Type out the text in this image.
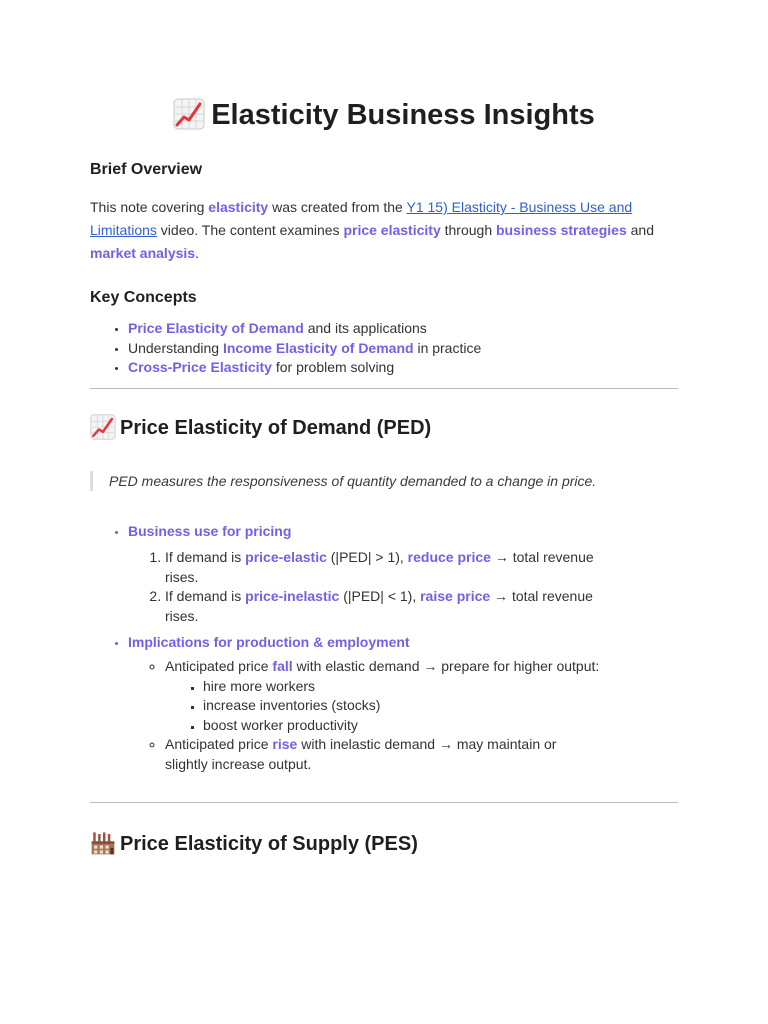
Elasticity Business Insights
Brief Overview

This note covering elasticity was created from the Y1 15) Elasticity - Business Use and Limitations video. The content examines price elasticity through business strategies and market analysis.

Key Concepts
• Price Elasticity of Demand and its applications
• Understanding Income Elasticity of Demand in practice
• Cross-Price Elasticity for problem solving
Price Elasticity of Demand (PED)
PED measures the responsiveness of quantity demanded to a change in price.
• Business use for pricing
1. If demand is price-elastic (|PED| > 1), reduce price → total revenue rises.
2. If demand is price-inelastic (|PED| < 1), raise price → total revenue rises.
• Implications for production & employment
◦ Anticipated price fall with elastic demand → prepare for higher output:
▪ hire more workers
▪ increase inventories (stocks)
▪ boost worker productivity
◦ Anticipated price rise with inelastic demand → may maintain or slightly increase output.
Price Elasticity of Supply (PES)
